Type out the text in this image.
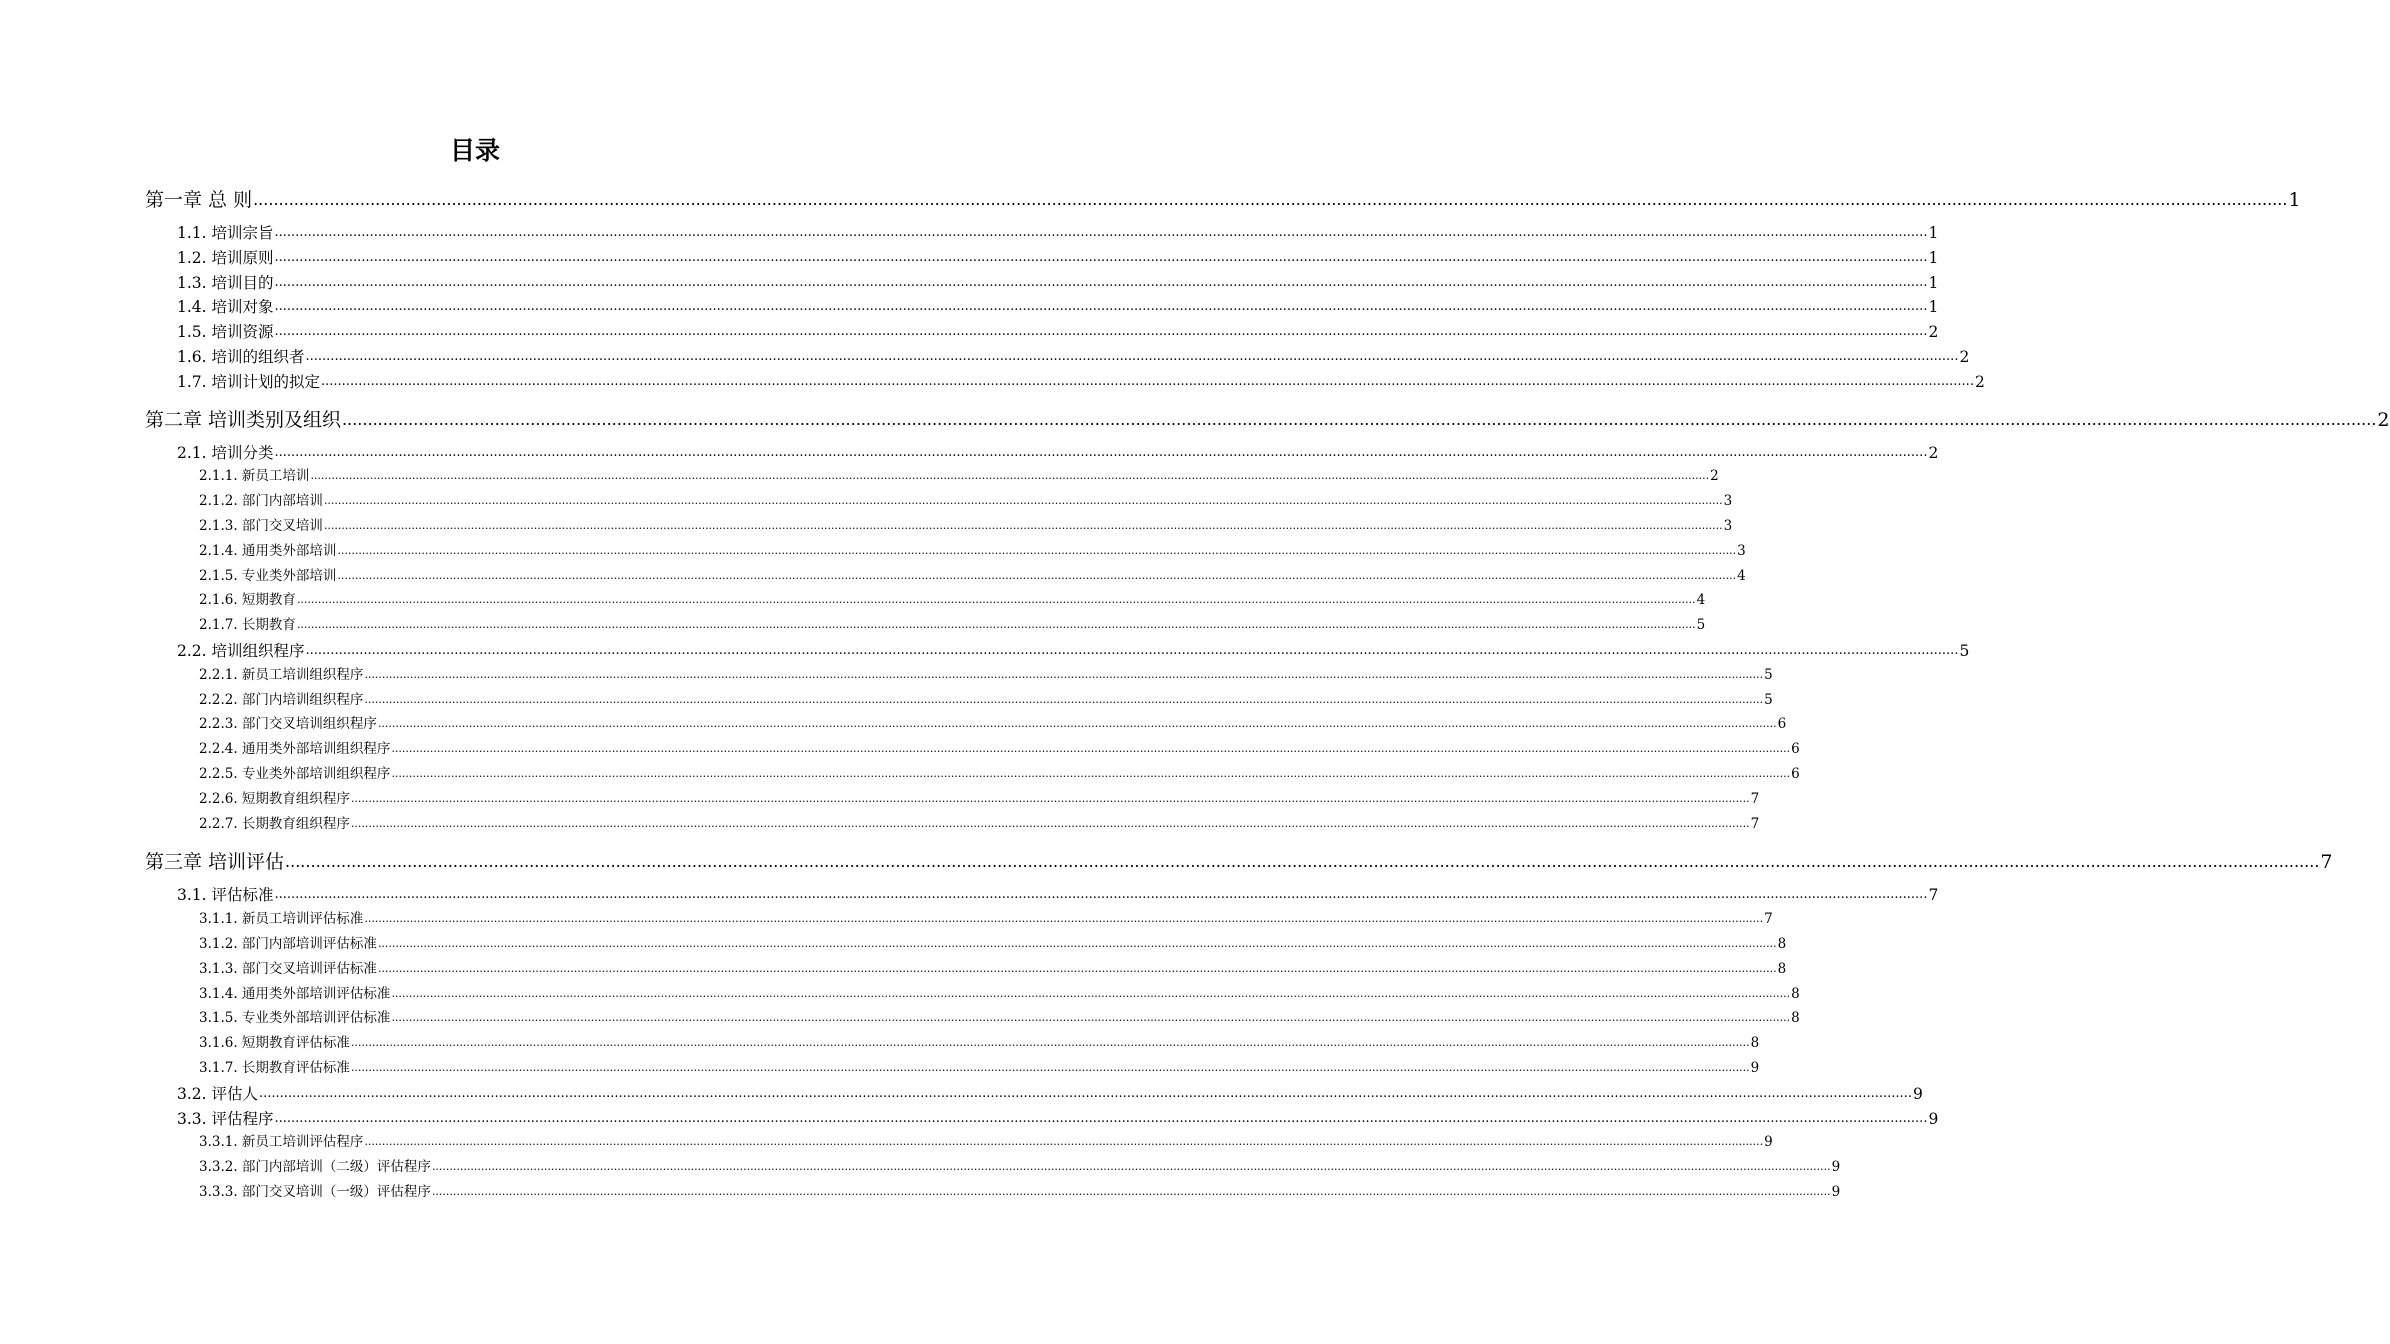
目录
第一章 总 则 ................................................................................................................................................................................................................................................................................................................................................................................................................ 1
1.1. 培训宗旨 ................................................................................................................................................................................................................................................................................................................................................................................................................ 1
1.2. 培训原则 ................................................................................................................................................................................................................................................................................................................................................................................................................ 1
1.3. 培训目的 ................................................................................................................................................................................................................................................................................................................................................................................................................ 1
1.4. 培训对象 ................................................................................................................................................................................................................................................................................................................................................................................................................ 1
1.5. 培训资源 ................................................................................................................................................................................................................................................................................................................................................................................................................ 2
1.6. 培训的组织者 ................................................................................................................................................................................................................................................................................................................................................................................................................ 2
1.7. 培训计划的拟定 ................................................................................................................................................................................................................................................................................................................................................................................................................ 2
第二章 培训类别及组织 ................................................................................................................................................................................................................................................................................................................................................................................................................ 2
2.1. 培训分类 ................................................................................................................................................................................................................................................................................................................................................................................................................ 2
2.1.1. 新员工培训 ................................................................................................................................................................................................................................................................................................................................................................................................................ 2
2.1.2. 部门内部培训 ................................................................................................................................................................................................................................................................................................................................................................................................................ 3
2.1.3. 部门交叉培训 ................................................................................................................................................................................................................................................................................................................................................................................................................ 3
2.1.4. 通用类外部培训 ................................................................................................................................................................................................................................................................................................................................................................................................................ 3
2.1.5. 专业类外部培训 ................................................................................................................................................................................................................................................................................................................................................................................................................ 4
2.1.6. 短期教育 ................................................................................................................................................................................................................................................................................................................................................................................................................ 4
2.1.7. 长期教育 ................................................................................................................................................................................................................................................................................................................................................................................................................ 5
2.2. 培训组织程序 ................................................................................................................................................................................................................................................................................................................................................................................................................ 5
2.2.1. 新员工培训组织程序 ................................................................................................................................................................................................................................................................................................................................................................................................................ 5
2.2.2. 部门内培训组织程序 ................................................................................................................................................................................................................................................................................................................................................................................................................ 5
2.2.3. 部门交叉培训组织程序 ................................................................................................................................................................................................................................................................................................................................................................................................................ 6
2.2.4. 通用类外部培训组织程序 ................................................................................................................................................................................................................................................................................................................................................................................................................ 6
2.2.5. 专业类外部培训组织程序 ................................................................................................................................................................................................................................................................................................................................................................................................................ 6
2.2.6. 短期教育组织程序 ................................................................................................................................................................................................................................................................................................................................................................................................................ 7
2.2.7. 长期教育组织程序 ................................................................................................................................................................................................................................................................................................................................................................................................................ 7
第三章 培训评估 ................................................................................................................................................................................................................................................................................................................................................................................................................ 7
3.1. 评估标准 ................................................................................................................................................................................................................................................................................................................................................................................................................ 7
3.1.1. 新员工培训评估标准 ................................................................................................................................................................................................................................................................................................................................................................................................................ 7
3.1.2. 部门内部培训评估标准 ................................................................................................................................................................................................................................................................................................................................................................................................................ 8
3.1.3. 部门交叉培训评估标准 ................................................................................................................................................................................................................................................................................................................................................................................................................ 8
3.1.4. 通用类外部培训评估标准 ................................................................................................................................................................................................................................................................................................................................................................................................................ 8
3.1.5. 专业类外部培训评估标准 ................................................................................................................................................................................................................................................................................................................................................................................................................ 8
3.1.6. 短期教育评估标准 ................................................................................................................................................................................................................................................................................................................................................................................................................ 8
3.1.7. 长期教育评估标准 ................................................................................................................................................................................................................................................................................................................................................................................................................ 9
3.2. 评估人 ................................................................................................................................................................................................................................................................................................................................................................................................................ 9
3.3. 评估程序 ................................................................................................................................................................................................................................................................................................................................................................................................................ 9
3.3.1. 新员工培训评估程序 ................................................................................................................................................................................................................................................................................................................................................................................................................ 9
3.3.2. 部门内部培训（二级）评估程序 ................................................................................................................................................................................................................................................................................................................................................................................................................ 9
3.3.3. 部门交叉培训（一级）评估程序 ................................................................................................................................................................................................................................................................................................................................................................................................................ 9
